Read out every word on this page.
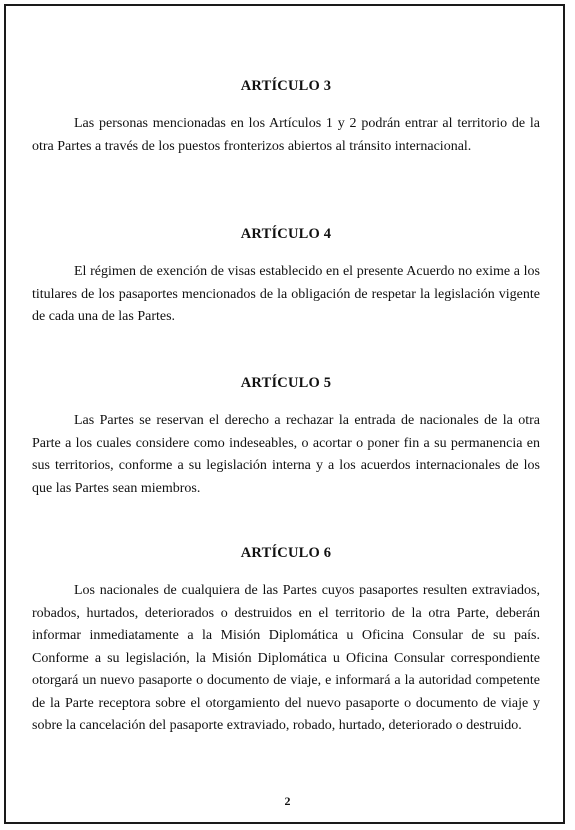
ARTÍCULO 3

Las personas mencionadas en los Artículos 1 y 2 podrán entrar al territorio de la otra Partes a través de los puestos fronterizos abiertos al tránsito internacional.

ARTÍCULO 4

El régimen de exención de visas establecido en el presente Acuerdo no exime a los titulares de los pasaportes mencionados de la obligación de respetar la legislación vigente de cada una de las Partes.

ARTÍCULO 5

Las Partes se reservan el derecho a rechazar la entrada de nacionales de la otra Parte a los cuales considere como indeseables, o acortar o poner fin a su permanencia en sus territorios, conforme a su legislación interna y a los acuerdos internacionales de los que las Partes sean miembros.

ARTÍCULO 6

Los nacionales de cualquiera de las Partes cuyos pasaportes resulten extraviados, robados, hurtados, deteriorados o destruidos en el territorio de la otra Parte, deberán informar inmediatamente a la Misión Diplomática u Oficina Consular de su país. Conforme a su legislación, la Misión Diplomática u Oficina Consular correspondiente otorgará un nuevo pasaporte o documento de viaje, e informará a la autoridad competente de la Parte receptora sobre el otorgamiento del nuevo pasaporte o documento de viaje y sobre la cancelación del pasaporte extraviado, robado, hurtado, deteriorado o destruido.

2
